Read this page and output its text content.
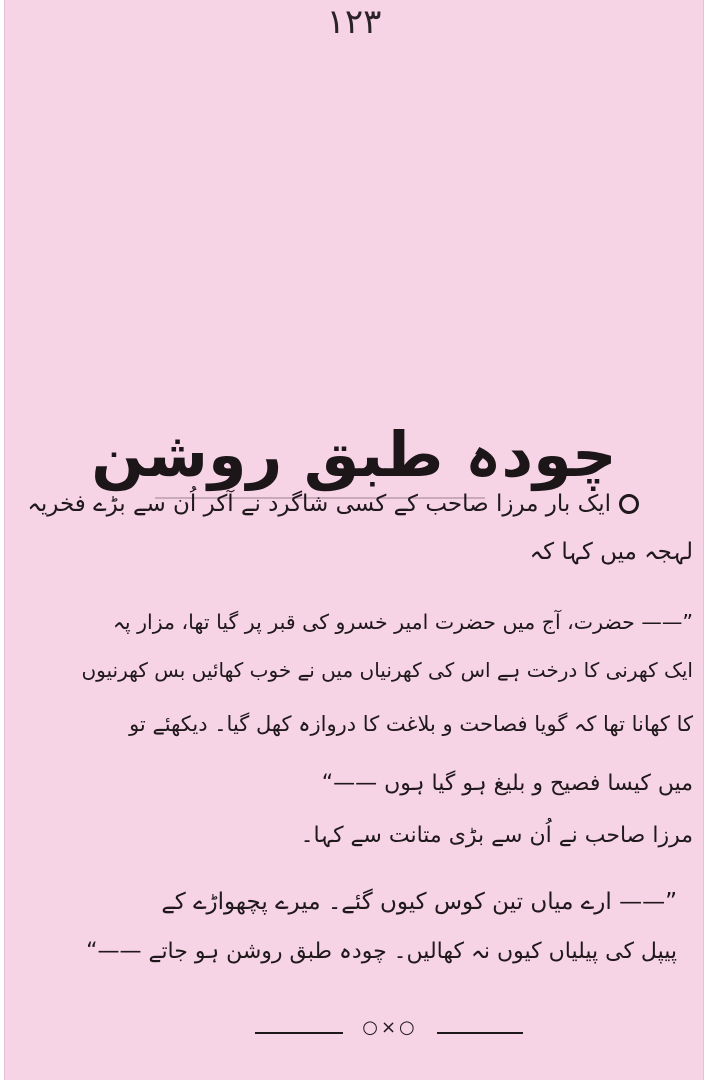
۱۲۳
چودہ طبق روشن
ایک بار مرزا صاحب کے کسی شاگرد نے آکر اُن سے بڑے فخریہ
لہجہ میں کہا کہ
”—— حضرت، آج میں حضرت امیر خسرو کی قبر پر گیا تھا، مزار پہ
ایک کھرنی کا درخت ہے اس کی کھرنیاں میں نے خوب کھائیں بس کھرنیوں
کا کھانا تھا کہ گویا فصاحت و بلاغت کا دروازہ کھل گیا۔ دیکھئے تو
میں کیسا فصیح و بلیغ ہو گیا ہوں ——“
مرزا صاحب نے اُن سے بڑی متانت سے کہا۔
”—— ارے میاں تین کوس کیوں گئے۔ میرے پچھواڑے کے
پیپل کی پیلیاں کیوں نہ کھالیں۔ چودہ طبق روشن ہو جاتے ——“
○×○
